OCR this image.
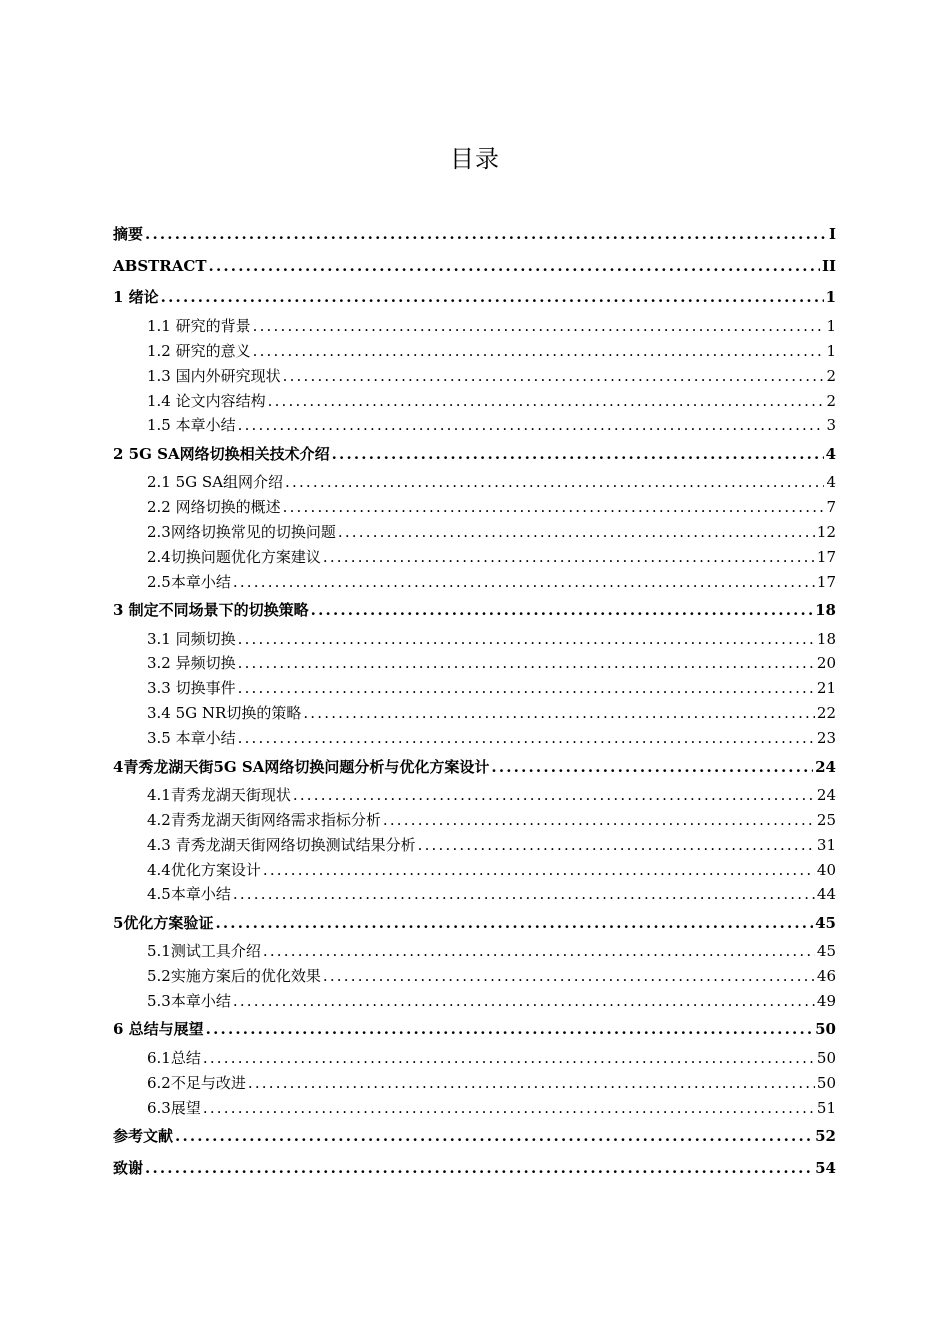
目录
摘要 .....	I
ABSTRACT .....	II
1 绪论 .....	1
1.1 研究的背景 .....	1
1.2 研究的意义 .....	1
1.3 国内外研究现状 .....	2
1.4 论文内容结构 .....	2
1.5 本章小结 .....	3
2 5G SA网络切换相关技术介绍 .....	4
2.1 5G SA组网介绍 .....	4
2.2 网络切换的概述 .....	7
2.3网络切换常见的切换问题 .....	12
2.4切换问题优化方案建议 .....	17
2.5本章小结 .....	17
3 制定不同场景下的切换策略 .....	18
3.1 同频切换 .....	18
3.2 异频切换 .....	20
3.3 切换事件 .....	21
3.4 5G NR切换的策略 .....	22
3.5 本章小结 .....	23
4青秀龙湖天街5G SA网络切换问题分析与优化方案设计 .....	24
4.1青秀龙湖天街现状 .....	24
4.2青秀龙湖天街网络需求指标分析 .....	25
4.3 青秀龙湖天街网络切换测试结果分析 .....	31
4.4优化方案设计 .....	40
4.5本章小结 .....	44
5优化方案验证 .....	45
5.1测试工具介绍 .....	45
5.2实施方案后的优化效果 .....	46
5.3本章小结 .....	49
6 总结与展望 .....	50
6.1总结 .....	50
6.2不足与改进 .....	50
6.3展望 .....	51
参考文献 .....	52
致谢 .....	54
